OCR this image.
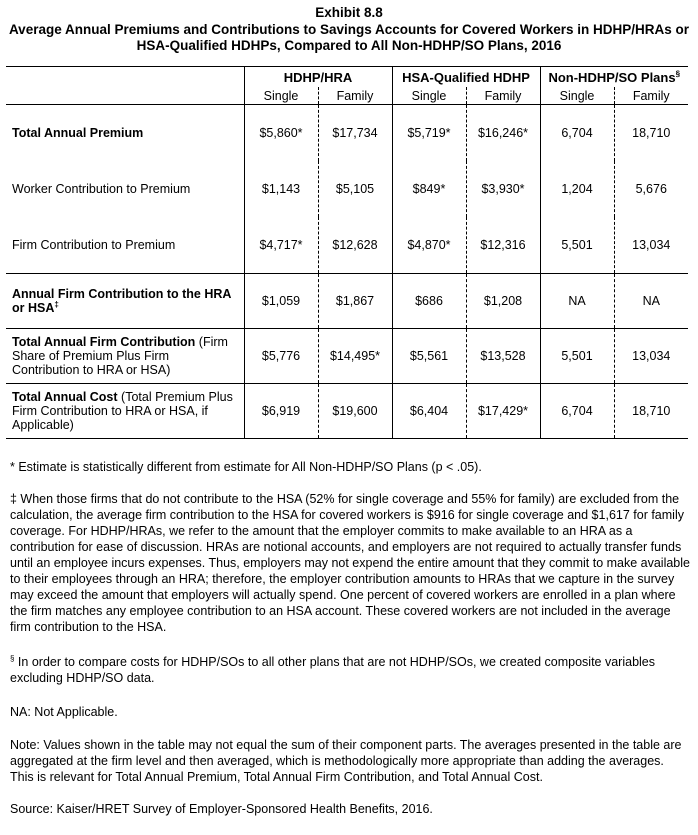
Exhibit 8.8
Average Annual Premiums and Contributions to Savings Accounts for Covered Workers in HDHP/HRAs or
HSA-Qualified HDHPs, Compared to All Non-HDHP/SO Plans, 2016

	HDHP/HRA		HSA-Qualified HDHP		Non-HDHP/SO Plans§
	Single	Family	Single	Family	Single	Family
Total Annual Premium	$5,860*	$17,734	$5,719*	$16,246*	6,704	18,710
Worker Contribution to Premium	$1,143	$5,105	$849*	$3,930*	1,204	5,676
Firm Contribution to Premium	$4,717*	$12,628	$4,870*	$12,316	5,501	13,034
Annual Firm Contribution to the HRA or HSA‡	$1,059	$1,867	$686	$1,208	NA	NA
Total Annual Firm Contribution (Firm Share of Premium Plus Firm Contribution to HRA or HSA)	$5,776	$14,495*	$5,561	$13,528	5,501	13,034
Total Annual Cost (Total Premium Plus Firm Contribution to HRA or HSA, if Applicable)	$6,919	$19,600	$6,404	$17,429*	6,704	18,710

* Estimate is statistically different from estimate for All Non-HDHP/SO Plans (p < .05).

‡ When those firms that do not contribute to the HSA (52% for single coverage and 55% for family) are excluded from the calculation, the average firm contribution to the HSA for covered workers is $916 for single coverage and $1,617 for family coverage. For HDHP/HRAs, we refer to the amount that the employer commits to make available to an HRA as a contribution for ease of discussion. HRAs are notional accounts, and employers are not required to actually transfer funds until an employee incurs expenses. Thus, employers may not expend the entire amount that they commit to make available to their employees through an HRA; therefore, the employer contribution amounts to HRAs that we capture in the survey may exceed the amount that employers will actually spend. One percent of covered workers are enrolled in a plan where the firm matches any employee contribution to an HSA account. These covered workers are not included in the average firm contribution to the HSA.

§ In order to compare costs for HDHP/SOs to all other plans that are not HDHP/SOs, we created composite variables excluding HDHP/SO data.

NA: Not Applicable.

Note: Values shown in the table may not equal the sum of their component parts. The averages presented in the table are aggregated at the firm level and then averaged, which is methodologically more appropriate than adding the averages. This is relevant for Total Annual Premium, Total Annual Firm Contribution, and Total Annual Cost.

Source: Kaiser/HRET Survey of Employer-Sponsored Health Benefits, 2016.
